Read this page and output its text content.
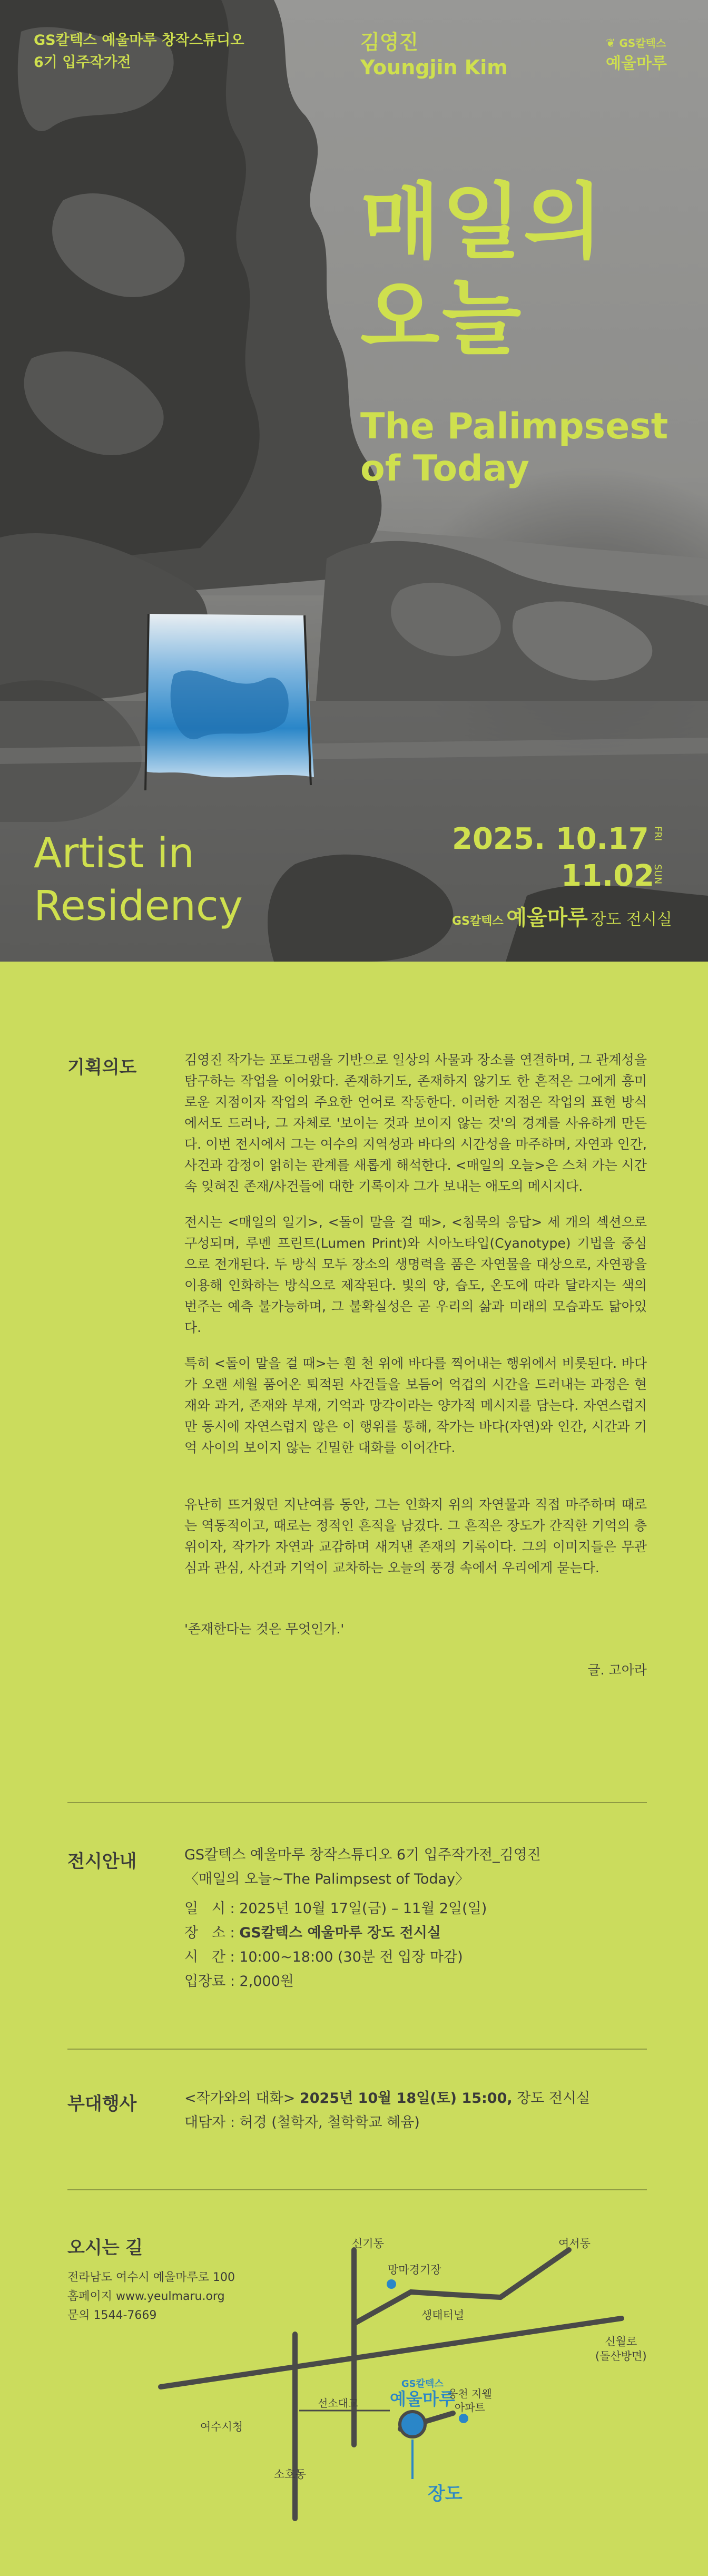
GS칼텍스 예울마루 창작스튜디오
6기 입주작가전
김영진
Youngjin Kim
❦ GS칼텍스
예울마루
매일의
오늘
The Palimpsest
of Today
Artist in
Residency
2025. 10.17 FRI
11.02
SUN
GS칼텍스 예울마루 장도 전시실
기획의도	김영진 작가는 포토그램을 기반으로 일상의 사물과 장소를 연결하며, 그 관계성을 탐구하는 작업을 이어왔다. 존재하기도, 존재하지 않기도 한 흔적은 그에게 흥미로운 지점이자 작업의 주요한 언어로 작동한다. 이러한 지점은 작업의 표현 방식에서도 드러나, 그 자체로 '보이는 것과 보이지 않는 것'의 경계를 사유하게 만든다. 이번 전시에서 그는 여수의 지역성과 바다의 시간성을 마주하며, 자연과 인간, 사건과 감정이 얽히는 관계를 새롭게 해석한다. <매일의 오늘>은 스쳐 가는 시간 속 잊혀진 존재/사건들에 대한 기록이자 그가 보내는 애도의 메시지다.
전시는 <매일의 일기>, <돌이 말을 걸 때>, <침묵의 응답> 세 개의 섹션으로 구성되며, 루멘 프린트(Lumen Print)와 시아노타입(Cyanotype) 기법을 중심으로 전개된다. 두 방식 모두 장소의 생명력을 품은 자연물을 대상으로, 자연광을 이용해 인화하는 방식으로 제작된다. 빛의 양, 습도, 온도에 따라 달라지는 색의 번주는 예측 불가능하며, 그 불확실성은 곧 우리의 삶과 미래의 모습과도 닮아있다.
특히 <돌이 말을 걸 때>는 흰 천 위에 바다를 찍어내는 행위에서 비롯된다. 바다가 오랜 세월 품어온 퇴적된 사건들을 보듬어 억겁의 시간을 드러내는 과정은 현재와 과거, 존재와 부재, 기억과 망각이라는 양가적 메시지를 담는다. 자연스럽지만 동시에 자연스럽지 않은 이 행위를 통해, 작가는 바다(자연)와 인간, 시간과 기억 사이의 보이지 않는 긴밀한 대화를 이어간다.
유난히 뜨거웠던 지난여름 동안, 그는 인화지 위의 자연물과 직접 마주하며 때로는 역동적이고, 때로는 정적인 흔적을 남겼다. 그 흔적은 장도가 간직한 기억의 층위이자, 작가가 자연과 교감하며 새겨낸 존재의 기록이다. 그의 이미지들은 무관심과 관심, 사건과 기억이 교차하는 오늘의 풍경 속에서 우리에게 묻는다.
'존재한다는 것은 무엇인가.'
글. 고아라
전시안내	GS칼텍스 예울마루 창작스튜디오 6기 입주작가전_김영진
〈매일의 오늘~The Palimpsest of Today〉
일   시 : 2025년 10월 17일(금) – 11월 2일(일)
장   소 : GS칼텍스 예울마루 장도 전시실
시   간 : 10:00~18:00 (30분 전 입장 마감)
입장료 : 2,000원
부대행사	<작가와의 대화> 2025년 10월 18일(토) 15:00, 장도 전시실
대담자 : 허경 (철학자, 철학학교 혜윰)
오시는 길
전라남도 여수시 예울마루로 100
홈페이지 www.yeulmaru.org
문의 1544-7669
신기동
망마경기장
여서동
생태터널
신월로
(돌산방면)
GS칼텍스
예울마루
웅천 지웰
아파트
여수시청
선소대교
소호동
장도
